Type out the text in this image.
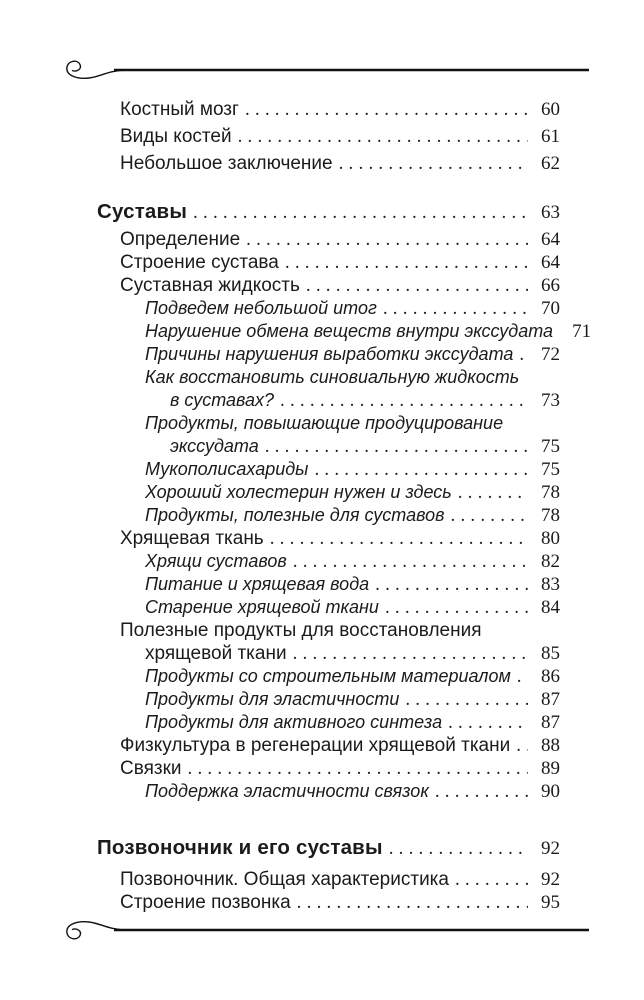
Костный мозг .....	60
Виды костей .....	61
Небольшое заключение .....	62
Суставы .....	63
Определение .....	64
Строение сустава .....	64
Суставная жидкость .....	66
Подведем небольшой итог .....	70
Нарушение обмена веществ внутри экссудата ..... 71
Причины нарушения выработки экссудата ..... 72
Как восстановить синовиальную жидкость
в суставах? .....	73
Продукты, повышающие продуцирование
экссудата .....	75
Мукополисахариды .....	75
Хороший холестерин нужен и здесь .....	78
Продукты, полезные для суставов .....	78
Хрящевая ткань .....	80
Хрящи суставов .....	82
Питание и хрящевая вода .....	83
Старение хрящевой ткани .....	84
Полезные продукты для восстановления
хрящевой ткани .....	85
Продукты со строительным материалом ..... 86
Продукты для эластичности .....	87
Продукты для активного синтеза .....	87
Физкультура в регенерации хрящевой ткани ..... 88
Связки .....	89
Поддержка эластичности связок .....	90
Позвоночник и его суставы .....	92
Позвоночник. Общая характеристика .....	92
Строение позвонка .....	95
